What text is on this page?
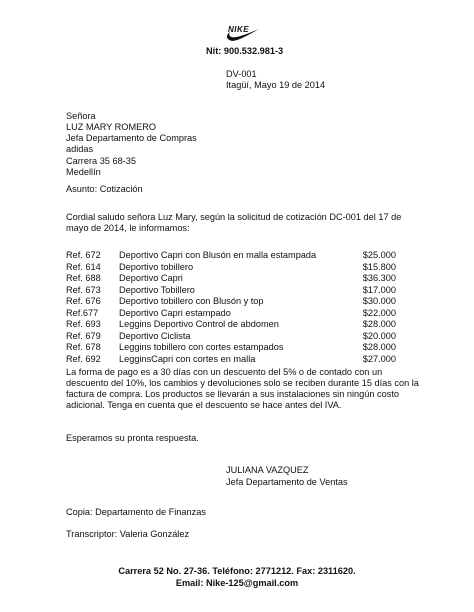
NIKE
Nit: 900.532.981-3
DV-001
Itagüí, Mayo 19 de 2014
Señora
LUZ MARY ROMERO
Jefa Departamento de Compras
adidas
Carrera 35 68-35
Medellín
Asunto: Cotización
Cordial saludo señora Luz Mary, según la solicitud de cotización DC-001 del 17 de
mayo de 2014, le informamos:
Ref. 672 Deportivo Capri con Blusón en malla estampada	$25.000
Ref. 614 Deportivo tobillero	$15.800
Ref. 688 Deportivo Capri	$36.300
Ref. 673 Deportivo Tobillero	$17.000
Ref. 676 Deportivo tobillero con Blusón y top	$30.000
Ref.677 Deportivo Capri estampado	$22.000
Ref. 693 Leggins Deportivo Control de abdomen	$28.000
Ref. 679 Deportivo Ciclista	$20.000
Ref. 678 Leggins tobillero con cortes estampados	$28.000
Ref. 692 LegginsCapri con cortes en malla	$27.000
La forma de pago es a 30 días con un descuento del 5% o de contado con un
descuento del 10%, los cambios y devoluciones solo se reciben durante 15 días con la
factura de compra. Los productos se llevarán a sus instalaciones sin ningún costo
adicional. Tenga en cuenta que el descuento se hace antes del IVA.
Esperamos su pronta respuesta.
JULIANA VAZQUEZ
Jefa Departamento de Ventas
Copia: Departamento de Finanzas
Transcriptor: Valeria González
Carrera 52 No. 27-36. Teléfono: 2771212. Fax: 2311620.
Email: Nike-125@gmail.com
